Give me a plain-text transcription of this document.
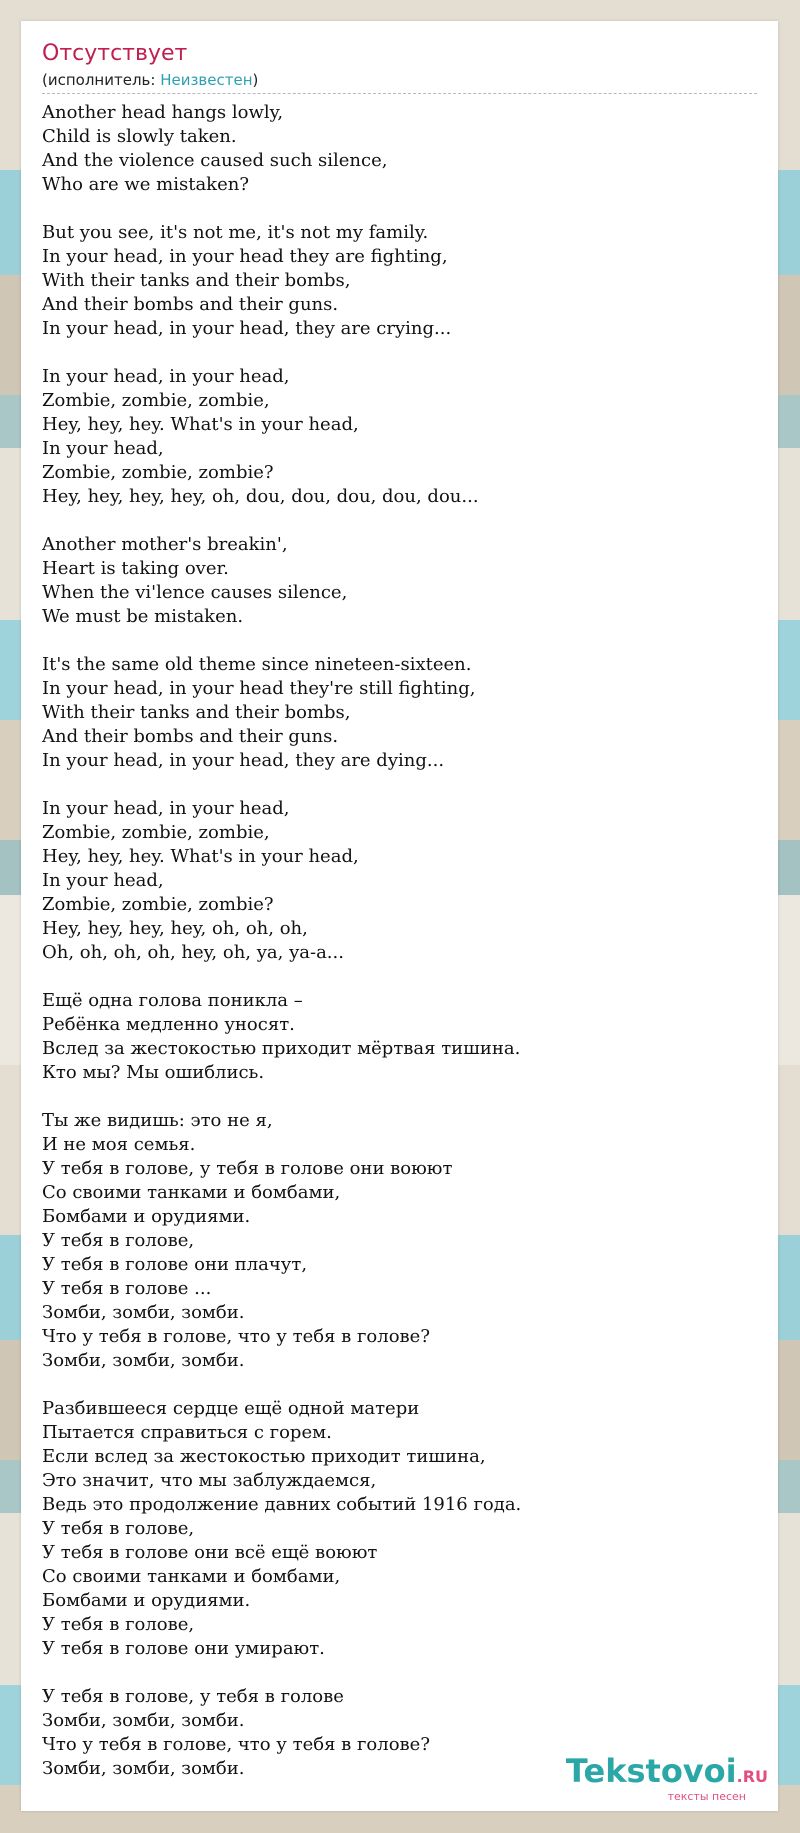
Отсутствует
(исполнитель: Неизвестен)
Another head hangs lowly,
Child is slowly taken.
And the violence caused such silence,
Who are we mistaken?
But you see, it's not me, it's not my family.
In your head, in your head they are fighting,
With their tanks and their bombs,
And their bombs and their guns.
In your head, in your head, they are crying...
In your head, in your head,
Zombie, zombie, zombie,
Hey, hey, hey. What's in your head,
In your head,
Zombie, zombie, zombie?
Hey, hey, hey, hey, oh, dou, dou, dou, dou, dou...
Another mother's breakin',
Heart is taking over.
When the vi'lence causes silence,
We must be mistaken.
It's the same old theme since nineteen-sixteen.
In your head, in your head they're still fighting,
With their tanks and their bombs,
And their bombs and their guns.
In your head, in your head, they are dying...
In your head, in your head,
Zombie, zombie, zombie,
Hey, hey, hey. What's in your head,
In your head,
Zombie, zombie, zombie?
Hey, hey, hey, hey, oh, oh, oh,
Oh, oh, oh, oh, hey, oh, ya, ya-a...
Ещё одна голова поникла –
Ребёнка медленно уносят.
Вслед за жестокостью приходит мёртвая тишина.
Кто мы? Мы ошиблись.
Ты же видишь: это не я,
И не моя семья.
У тебя в голове, у тебя в голове они воюют
Со своими танками и бомбами,
Бомбами и орудиями.
У тебя в голове,
У тебя в голове они плачут,
У тебя в голове ...
Зомби, зомби, зомби.
Что у тебя в голове, что у тебя в голове?
Зомби, зомби, зомби.
Разбившееся сердце ещё одной матери
Пытается справиться с горем.
Если вслед за жестокостью приходит тишина,
Это значит, что мы заблуждаемся,
Ведь это продолжение давних событий 1916 года.
У тебя в голове,
У тебя в голове они всё ещё воюют
Со своими танками и бомбами,
Бомбами и орудиями.
У тебя в голове,
У тебя в голове они умирают.
У тебя в голове, у тебя в голове
Зомби, зомби, зомби.
Что у тебя в голове, что у тебя в голове?
Зомби, зомби, зомби.	Tekstovoi.RU
тексты песен
